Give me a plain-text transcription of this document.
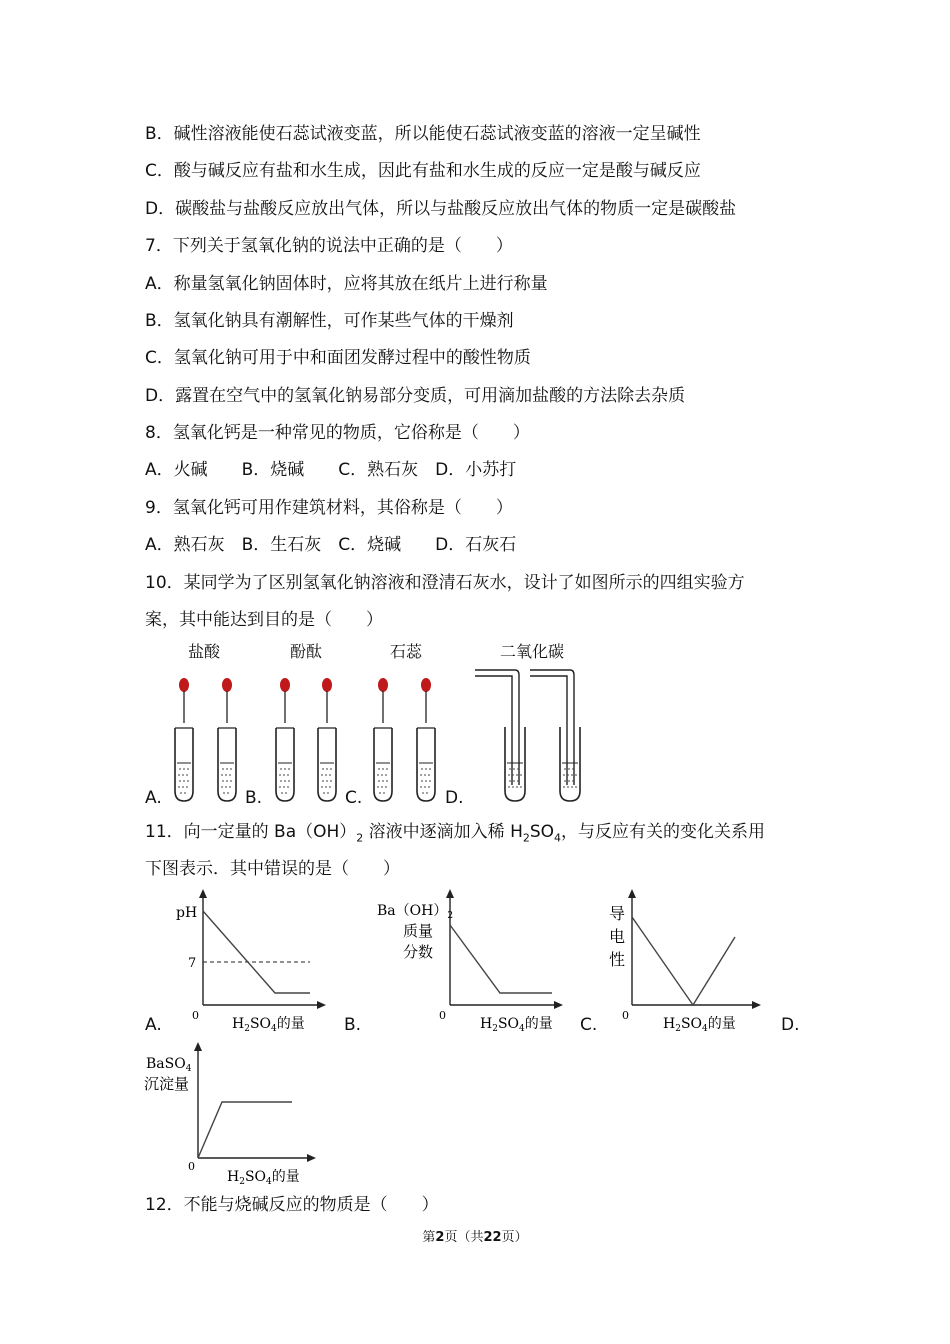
B．碱性溶液能使石蕊试液变蓝，所以能使石蕊试液变蓝的溶液一定呈碱性
C．酸与碱反应有盐和水生成，因此有盐和水生成的反应一定是酸与碱反应
D．碳酸盐与盐酸反应放出气体，所以与盐酸反应放出气体的物质一定是碳酸盐
7．下列关于氢氧化钠的说法中正确的是（　　）
A．称量氢氧化钠固体时，应将其放在纸片上进行称量
B．氢氧化钠具有潮解性，可作某些气体的干燥剂
C．氢氧化钠可用于中和面团发酵过程中的酸性物质
D．露置在空气中的氢氧化钠易部分变质，可用滴加盐酸的方法除去杂质
8．氢氧化钙是一种常见的物质，它俗称是（　　）
A．火碱　　B．烧碱　　C．熟石灰　D．小苏打
9．氢氧化钙可用作建筑材料，其俗称是（　　）
A．熟石灰　B．生石灰　C．烧碱　　D．石灰石
10．某同学为了区别氢氧化钠溶液和澄清石灰水，设计了如图所示的四组实验方
案，其中能达到目的是（　　）
盐酸	酚酞	石蕊	二氧化碳
A.	B.	C.	D.
11．向一定量的 $Ba(OH)_2$ 溶液中逐滴加入稀 $H_2SO_4$，与反应有关的变化关系用
下图表示．其中错误的是（　　）
pH
7
0
$H_2SO_4$的量
$Ba(OH)_2$
质量
分数
0
$H_2SO_4$的量
导
电
性
0
$H_2SO_4$的量
A.	B.	C.	D.
BaSO$_4$
沉淀量
0
$H_2SO_4$的量
12．不能与烧碱反应的物质是（　　）
第2页（共22页）
